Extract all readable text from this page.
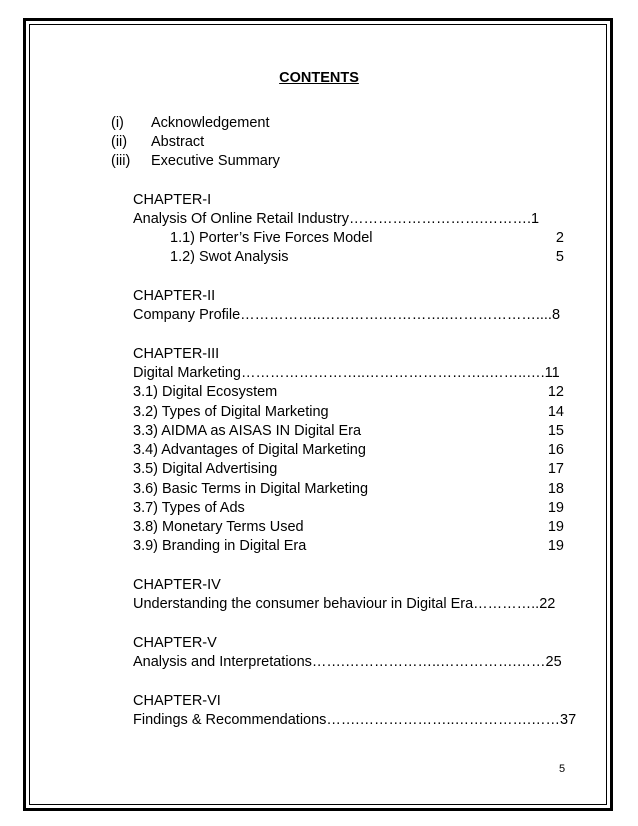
CONTENTS
(i) Acknowledgement
(ii) Abstract
(iii) Executive Summary
CHAPTER-I
Analysis Of Online Retail Industry……………………….……….1
1.1) Porter’s Five Forces Model	2
1.2) Swot Analysis	5
CHAPTER-II
Company Profile……………..………….…………..………………....8
CHAPTER-III
Digital Marketing……………………..……………………..……..….11
3.1) Digital Ecosystem	12
3.2) Types of Digital Marketing	14
3.3) AIDMA as AISAS IN Digital Era	15
3.4) Advantages of Digital Marketing	16
3.5) Digital Advertising	17
3.6) Basic Terms in Digital Marketing	18
3.7) Types of Ads	19
3.8) Monetary Terms Used	19
3.9) Branding in Digital Era	19
CHAPTER-IV
Understanding the consumer behaviour in Digital Era…………..22
CHAPTER-V
Analysis and Interpretations…….………………..…………….……25
CHAPTER-VI
Findings & Recommendations…….………………..…………….……37
5
